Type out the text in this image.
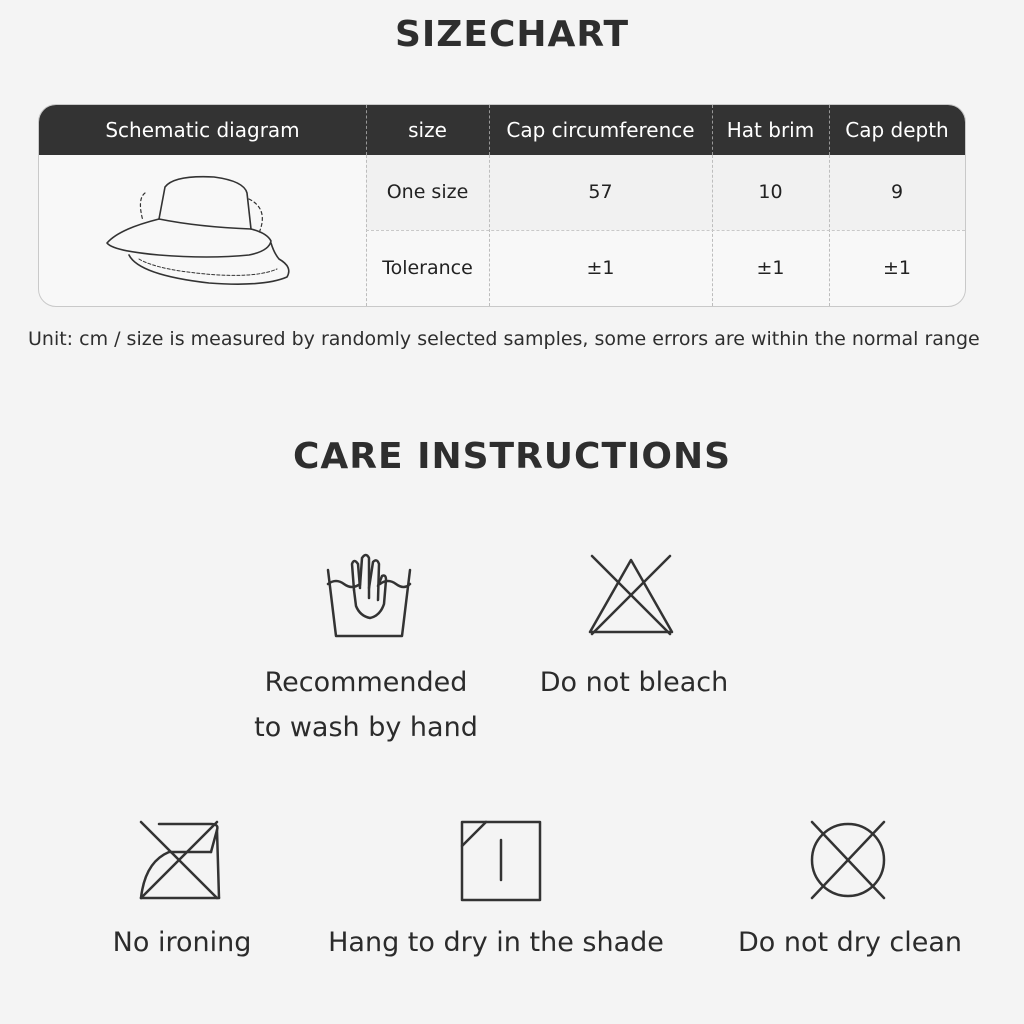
SIZECHART
Schematic diagram	size	Cap circumference	Hat brim	Cap depth
One size	57	10	9
Tolerance	±1	±1	±1
Unit: cm / size is measured by randomly selected samples, some errors are within the normal range
CARE INSTRUCTIONS
Recommended
to wash by hand
Do not bleach
No ironing	Hang to dry in the shade	Do not dry clean
